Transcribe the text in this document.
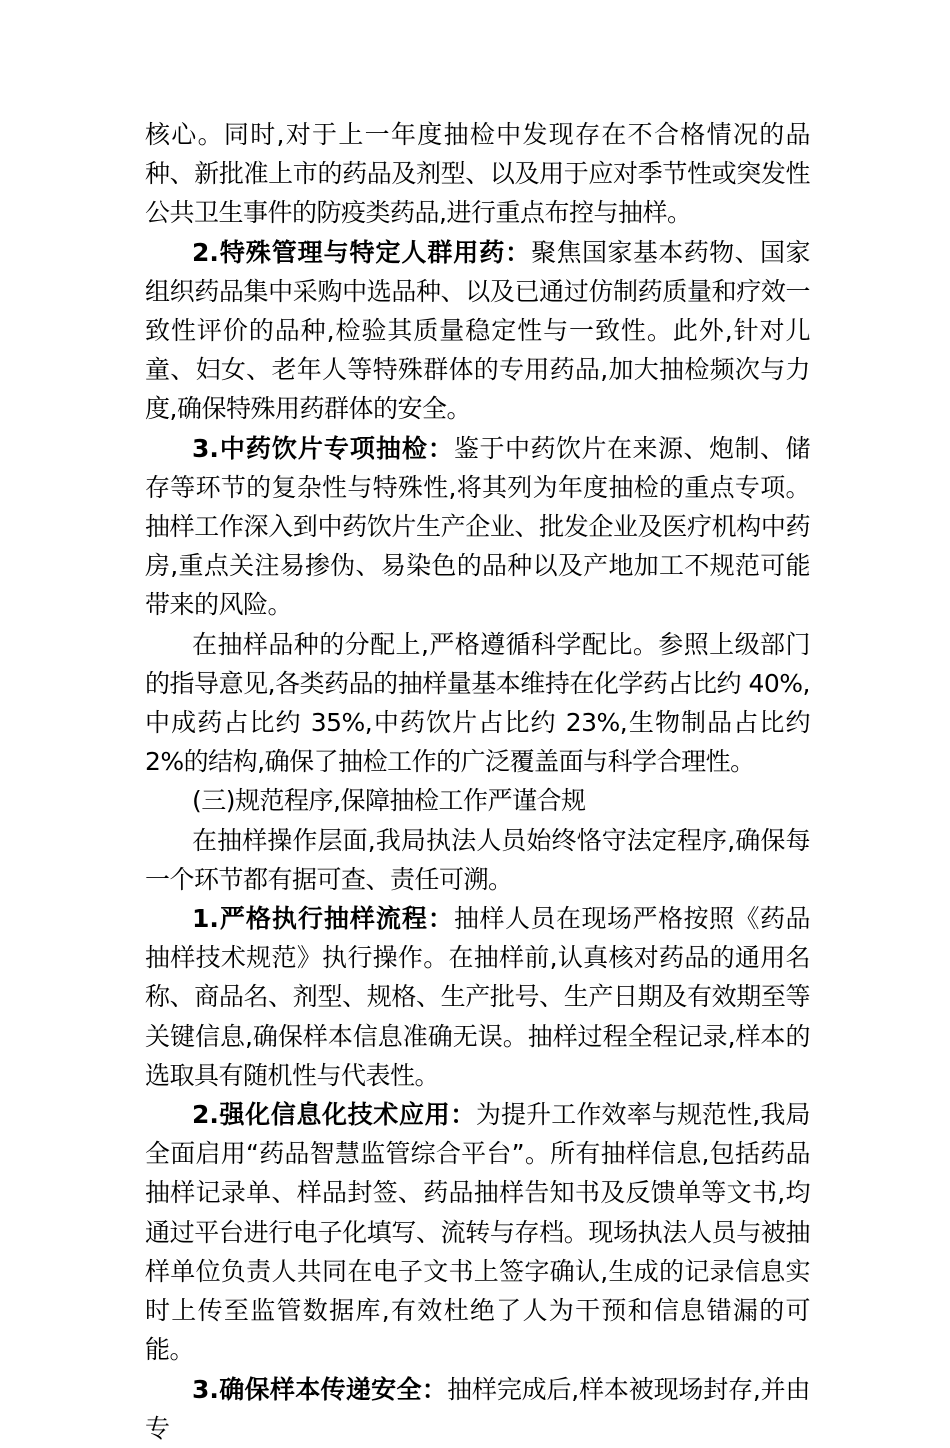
核心。同时,对于上一年度抽检中发现存在不合格情况的品种、新批准上市的药品及剂型、以及用于应对季节性或突发性公共卫生事件的防疫类药品,进行重点布控与抽样。

2.特殊管理与特定人群用药：聚焦国家基本药物、国家组织药品集中采购中选品种、以及已通过仿制药质量和疗效一致性评价的品种,检验其质量稳定性与一致性。此外,针对儿童、妇女、老年人等特殊群体的专用药品,加大抽检频次与力度,确保特殊用药群体的安全。

3.中药饮片专项抽检：鉴于中药饮片在来源、炮制、储存等环节的复杂性与特殊性,将其列为年度抽检的重点专项。抽样工作深入到中药饮片生产企业、批发企业及医疗机构中药房,重点关注易掺伪、易染色的品种以及产地加工不规范可能带来的风险。

在抽样品种的分配上,严格遵循科学配比。参照上级部门的指导意见,各类药品的抽样量基本维持在化学药占比约 40%,中成药占比约 35%,中药饮片占比约 23%,生物制品占比约 2%的结构,确保了抽检工作的广泛覆盖面与科学合理性。

(三)规范程序,保障抽检工作严谨合规

在抽样操作层面,我局执法人员始终恪守法定程序,确保每一个环节都有据可查、责任可溯。

1.严格执行抽样流程：抽样人员在现场严格按照《药品抽样技术规范》执行操作。在抽样前,认真核对药品的通用名称、商品名、剂型、规格、生产批号、生产日期及有效期至等关键信息,确保样本信息准确无误。抽样过程全程记录,样本的选取具有随机性与代表性。

2.强化信息化技术应用：为提升工作效率与规范性,我局全面启用“药品智慧监管综合平台”。所有抽样信息,包括药品抽样记录单、样品封签、药品抽样告知书及反馈单等文书,均通过平台进行电子化填写、流转与存档。现场执法人员与被抽样单位负责人共同在电子文书上签字确认,生成的记录信息实时上传至监管数据库,有效杜绝了人为干预和信息错漏的可能。

3.确保样本传递安全：抽样完成后,样本被现场封存,并由专
